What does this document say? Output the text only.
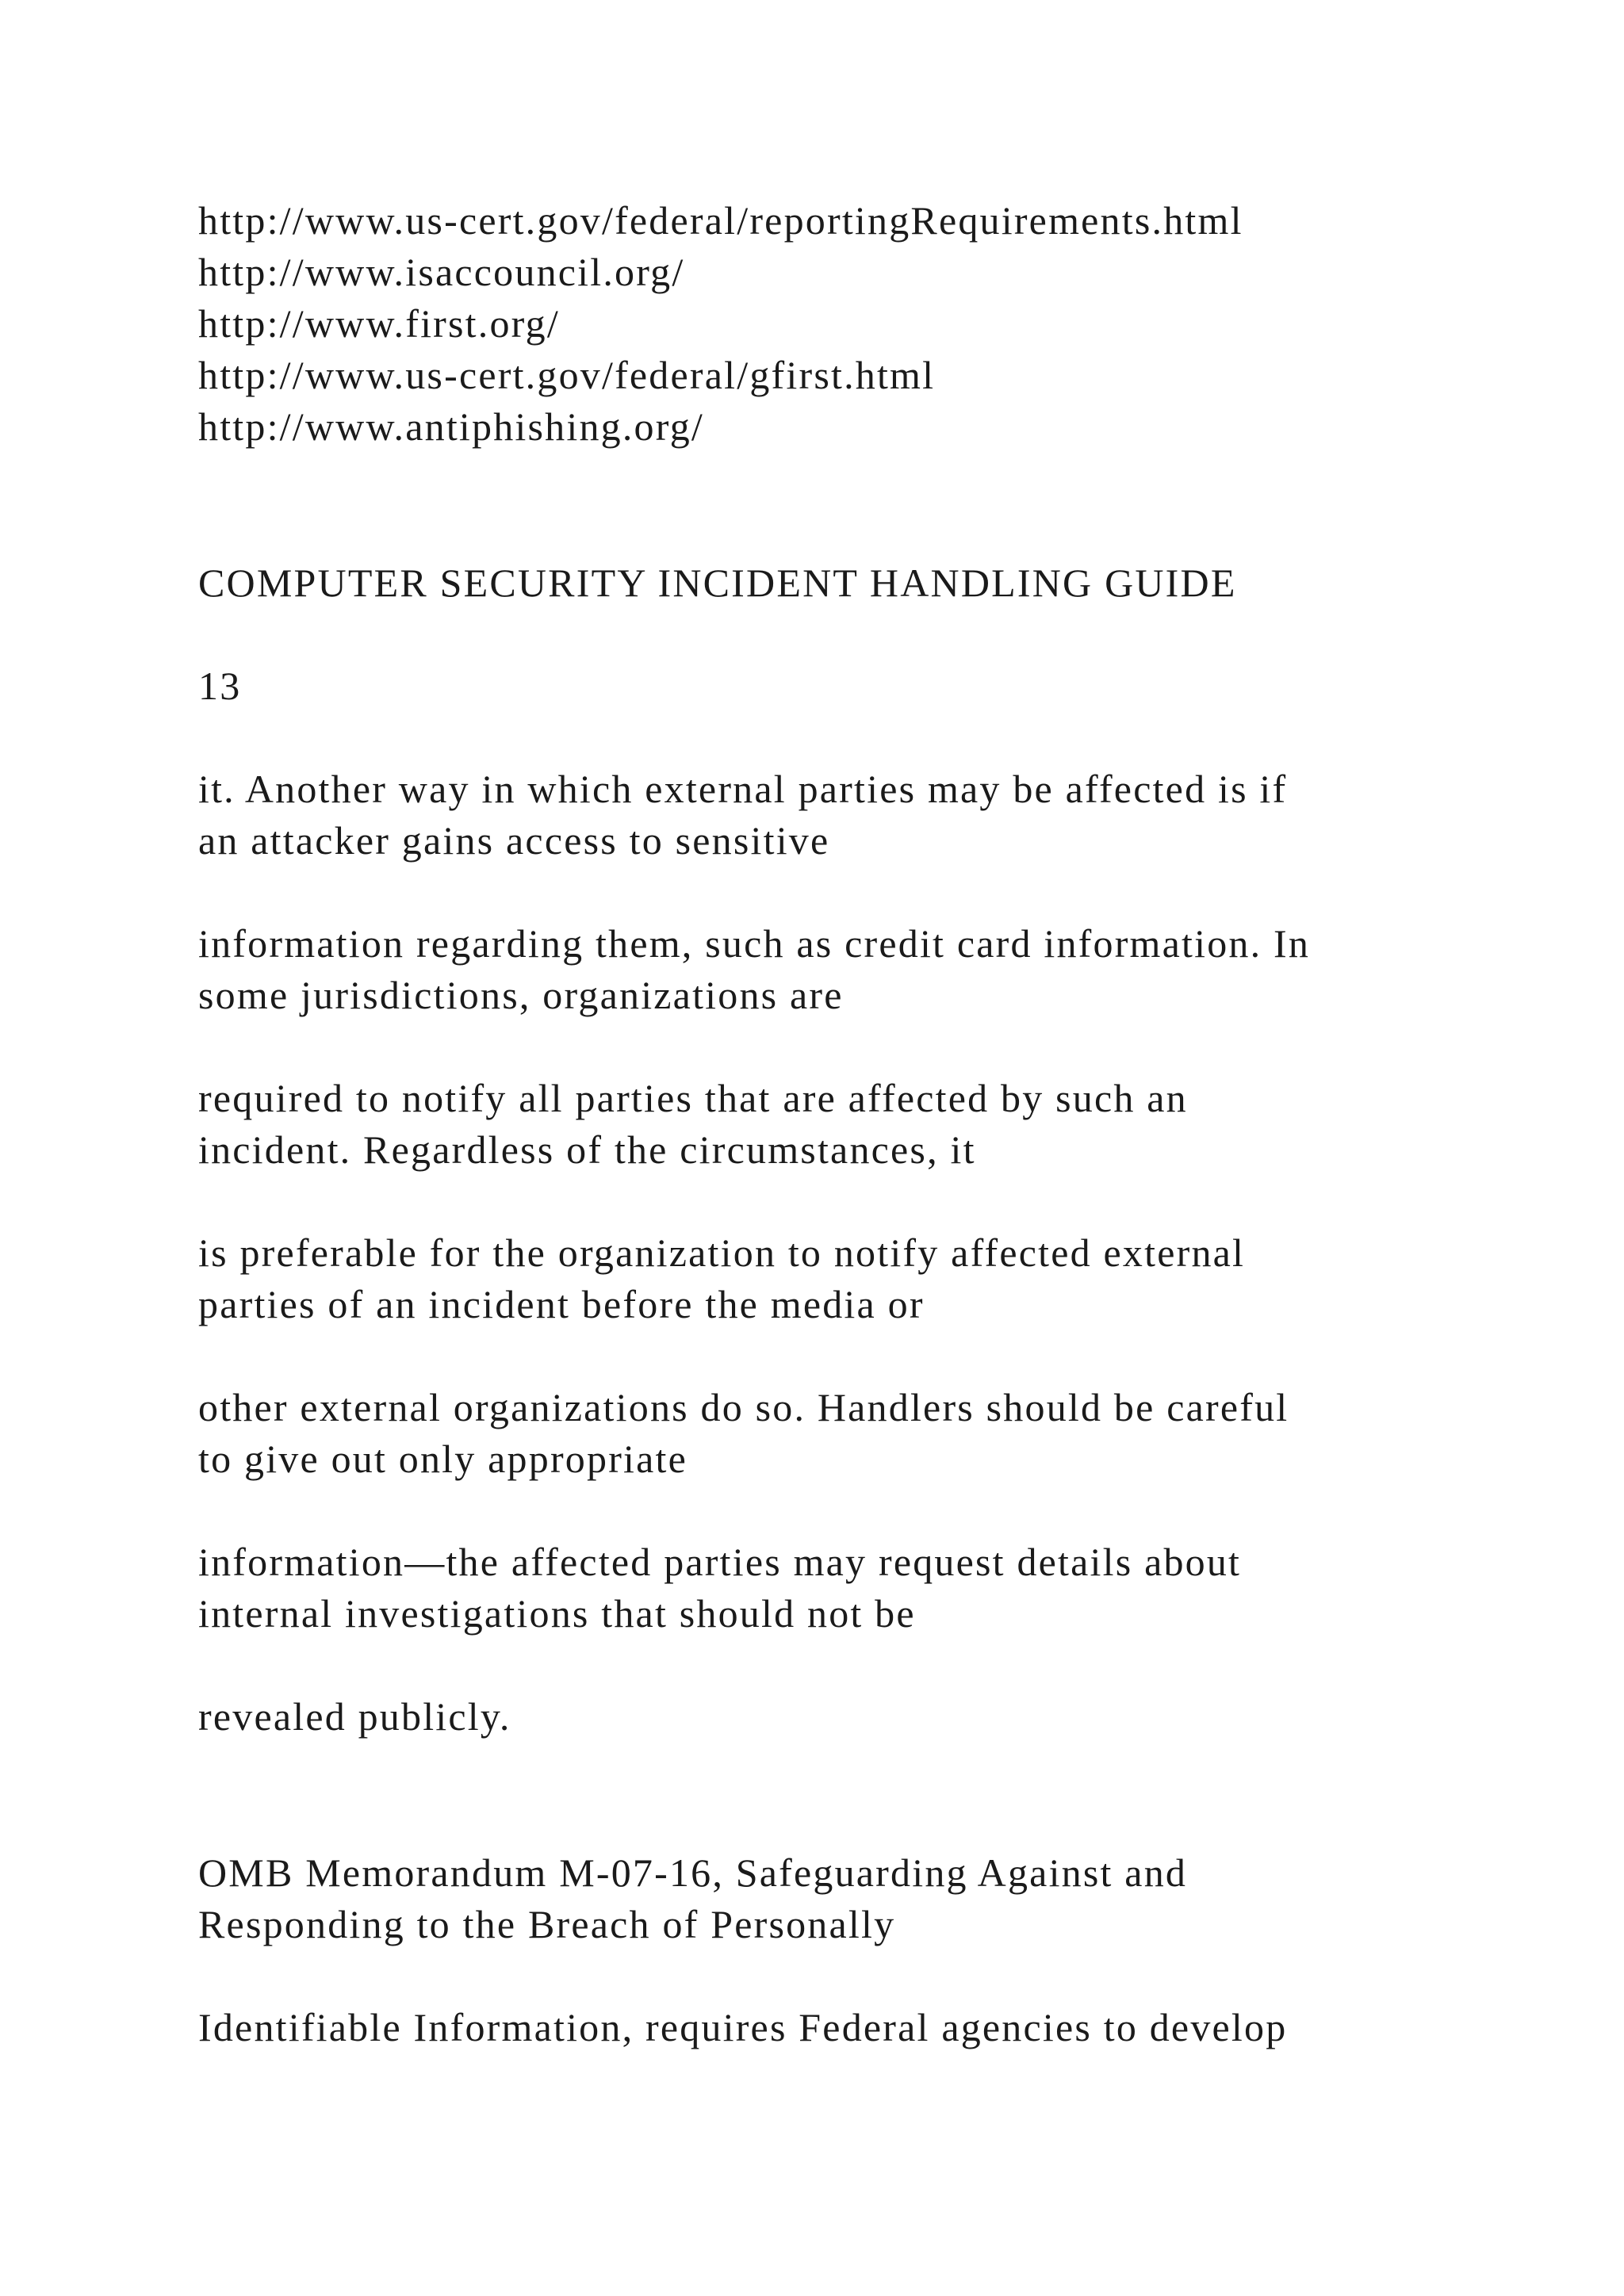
http://www.us-cert.gov/federal/reportingRequirements.html
http://www.isaccouncil.org/
http://www.first.org/
http://www.us-cert.gov/federal/gfirst.html
http://www.antiphishing.org/
COMPUTER SECURITY INCIDENT HANDLING GUIDE
13
it. Another way in which external parties may be affected is if
an attacker gains access to sensitive
information regarding them, such as credit card information. In
some jurisdictions, organizations are
required to notify all parties that are affected by such an
incident. Regardless of the circumstances, it
is preferable for the organization to notify affected external
parties of an incident before the media or
other external organizations do so. Handlers should be careful
to give out only appropriate
information—the affected parties may request details about
internal investigations that should not be
revealed publicly.
OMB Memorandum M-07-16, Safeguarding Against and
Responding to the Breach of Personally
Identifiable Information, requires Federal agencies to develop
